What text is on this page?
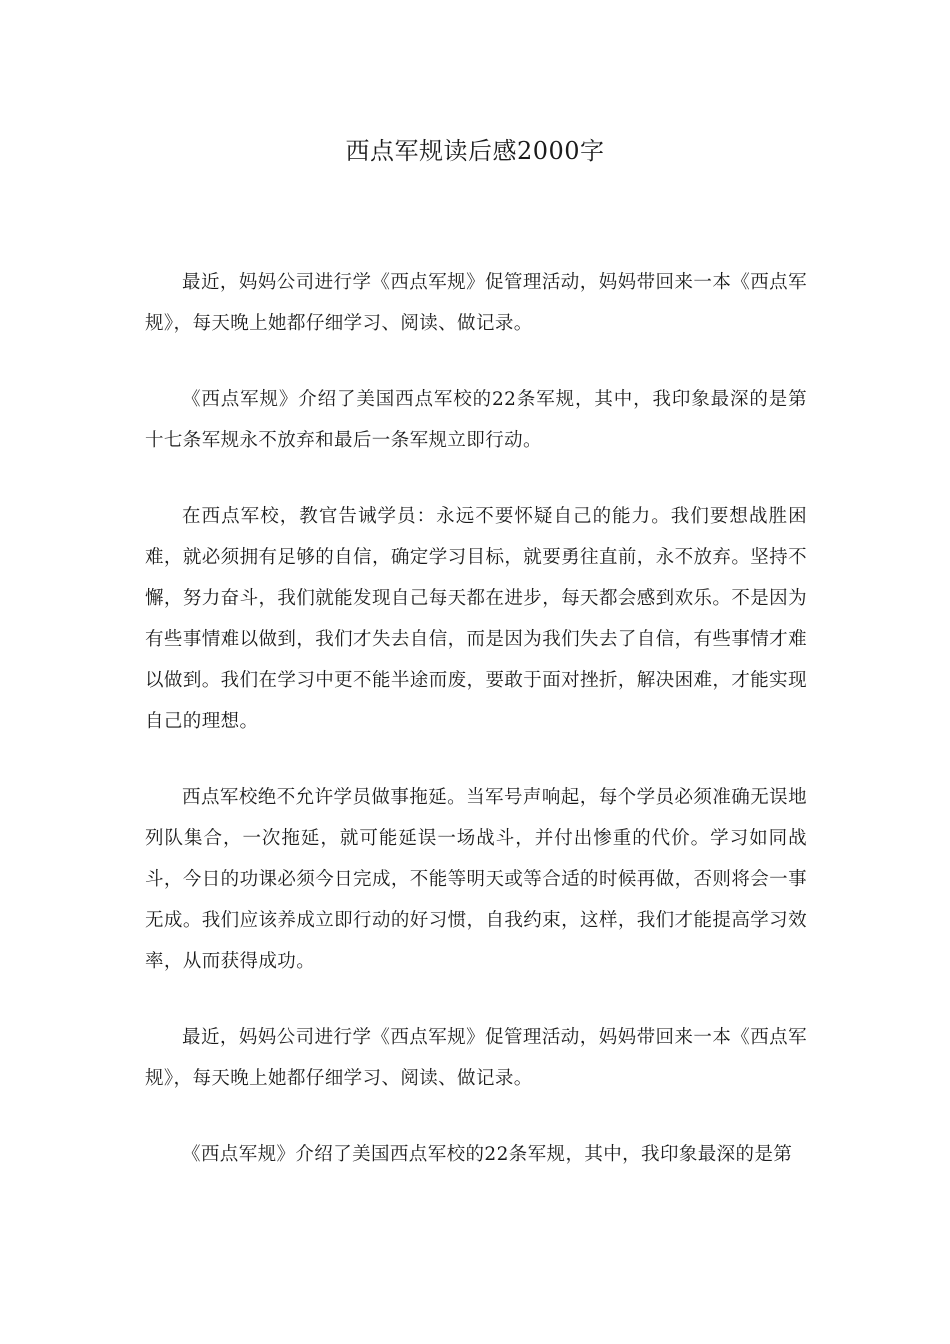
西点军规读后感2000字

最近，妈妈公司进行学《西点军规》促管理活动，妈妈带回来一本《西点军规》，每天晚上她都仔细学习、阅读、做记录。

《西点军规》介绍了美国西点军校的22条军规，其中，我印象最深的是第十七条军规永不放弃和最后一条军规立即行动。

在西点军校，教官告诫学员：永远不要怀疑自己的能力。我们要想战胜困难，就必须拥有足够的自信，确定学习目标，就要勇往直前，永不放弃。坚持不懈，努力奋斗，我们就能发现自己每天都在进步，每天都会感到欢乐。不是因为有些事情难以做到，我们才失去自信，而是因为我们失去了自信，有些事情才难以做到。我们在学习中更不能半途而废，要敢于面对挫折，解决困难，才能实现自己的理想。

西点军校绝不允许学员做事拖延。当军号声响起，每个学员必须准确无误地列队集合，一次拖延，就可能延误一场战斗，并付出惨重的代价。学习如同战斗，今日的功课必须今日完成，不能等明天或等合适的时候再做，否则将会一事无成。我们应该养成立即行动的好习惯，自我约束，这样，我们才能提高学习效率，从而获得成功。

最近，妈妈公司进行学《西点军规》促管理活动，妈妈带回来一本《西点军规》，每天晚上她都仔细学习、阅读、做记录。

《西点军规》介绍了美国西点军校的22条军规，其中，我印象最深的是第
